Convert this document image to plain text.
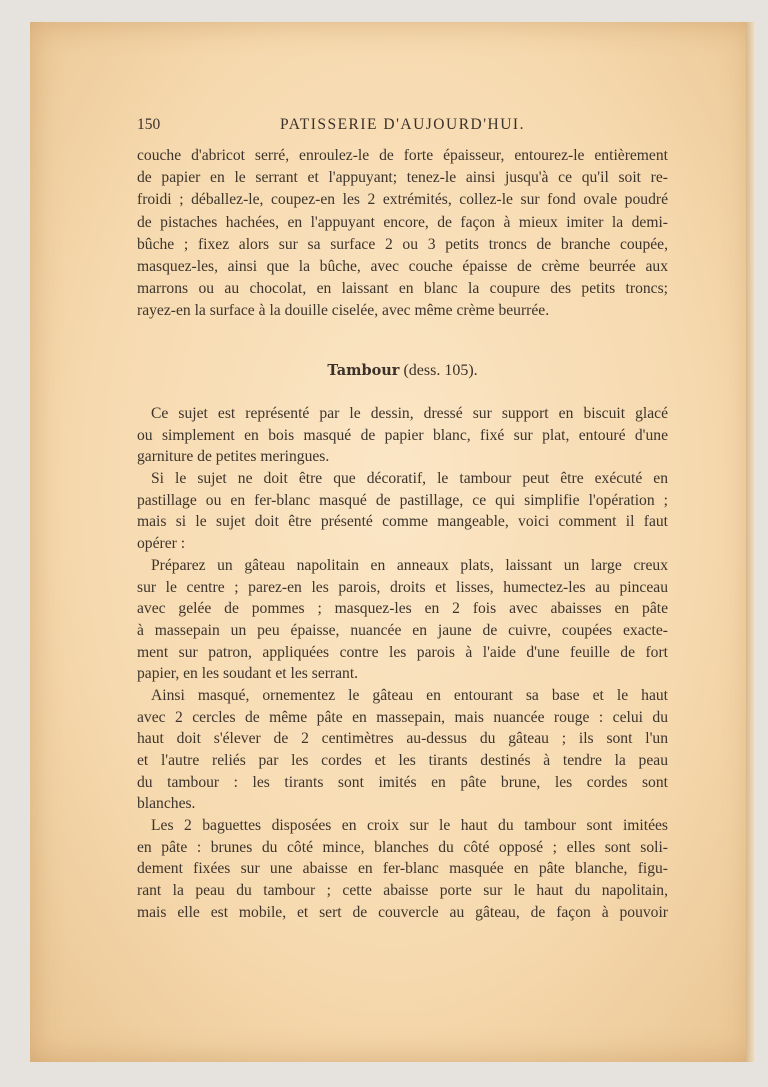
150	PATISSERIE D'AUJOURD'HUI.
couche d'abricot serré, enroulez-le de forte épaisseur, entourez-le entièrement
de papier en le serrant et l'appuyant; tenez-le ainsi jusqu'à ce qu'il soit re-
froidi ; déballez-le, coupez-en les 2 extrémités, collez-le sur fond ovale poudré
de pistaches hachées, en l'appuyant encore, de façon à mieux imiter la demi-
bûche ; fixez alors sur sa surface 2 ou 3 petits troncs de branche coupée,
masquez-les, ainsi que la bûche, avec couche épaisse de crème beurrée aux
marrons ou au chocolat, en laissant en blanc la coupure des petits troncs;
rayez-en la surface à la douille ciselée, avec même crème beurrée.
Tambour (dess. 105).
Ce sujet est représenté par le dessin, dressé sur support en biscuit glacé
ou simplement en bois masqué de papier blanc, fixé sur plat, entouré d'une
garniture de petites meringues.
Si le sujet ne doit être que décoratif, le tambour peut être exécuté en
pastillage ou en fer-blanc masqué de pastillage, ce qui simplifie l'opération ;
mais si le sujet doit être présenté comme mangeable, voici comment il faut
opérer :
Préparez un gâteau napolitain en anneaux plats, laissant un large creux
sur le centre ; parez-en les parois, droits et lisses, humectez-les au pinceau
avec gelée de pommes ; masquez-les en 2 fois avec abaisses en pâte
à massepain un peu épaisse, nuancée en jaune de cuivre, coupées exacte-
ment sur patron, appliquées contre les parois à l'aide d'une feuille de fort
papier, en les soudant et les serrant.
Ainsi masqué, ornementez le gâteau en entourant sa base et le haut
avec 2 cercles de même pâte en massepain, mais nuancée rouge : celui du
haut doit s'élever de 2 centimètres au-dessus du gâteau ; ils sont l'un
et l'autre reliés par les cordes et les tirants destinés à tendre la peau
du tambour : les tirants sont imités en pâte brune, les cordes sont
blanches.
Les 2 baguettes disposées en croix sur le haut du tambour sont imitées
en pâte : brunes du côté mince, blanches du côté opposé ; elles sont soli-
dement fixées sur une abaisse en fer-blanc masquée en pâte blanche, figu-
rant la peau du tambour ; cette abaisse porte sur le haut du napolitain,
mais elle est mobile, et sert de couvercle au gâteau, de façon à pouvoir
